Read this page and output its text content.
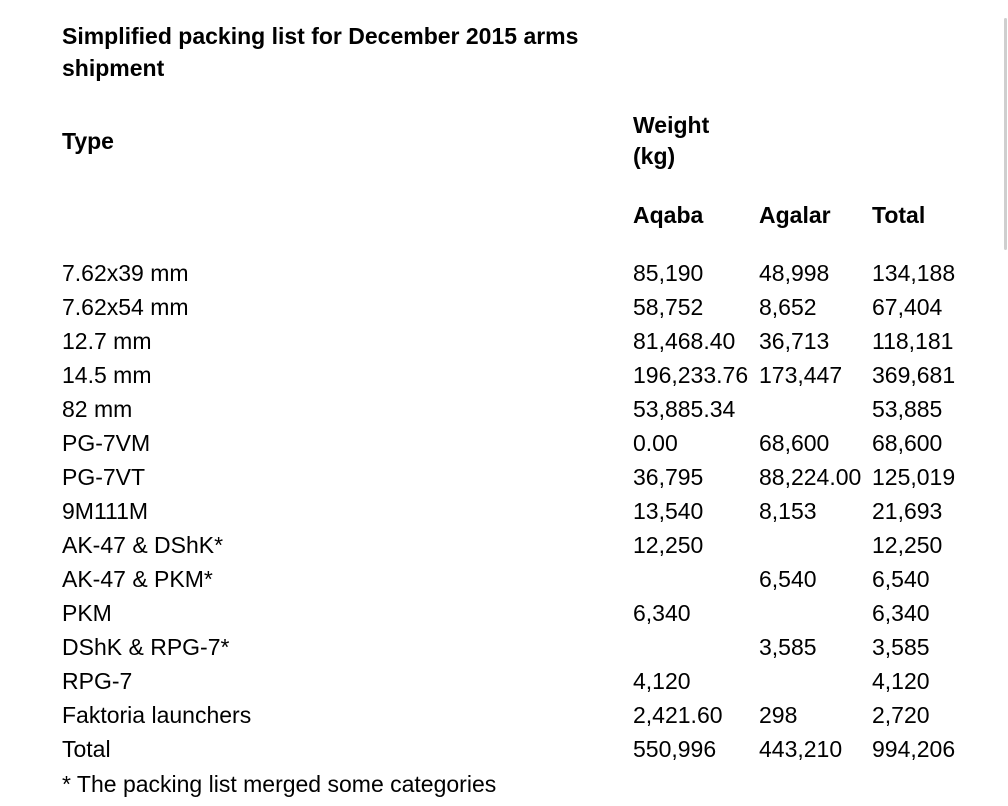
Simplified packing list for December 2015 arms shipment
Type
Weight (kg)
Aqaba Agalar Total
7.62x39 mm	85,190	48,998	134,188
7.62x54 mm	58,752	8,652	67,404
12.7 mm	81,468.40	36,713	118,181
14.5 mm	196,233.76	173,447	369,681
82 mm	53,885.34		53,885
PG-7VM	0.00	68,600	68,600
PG-7VT	36,795	88,224.00	125,019
9M111M	13,540	8,153	21,693
AK-47 & DShK*	12,250		12,250
AK-47 & PKM*		6,540	6,540
PKM	6,340		6,340
DShK & RPG-7*		3,585	3,585
RPG-7	4,120		4,120
Faktoria launchers	2,421.60	298	2,720
Total	550,996	443,210	994,206
* The packing list merged some categories
